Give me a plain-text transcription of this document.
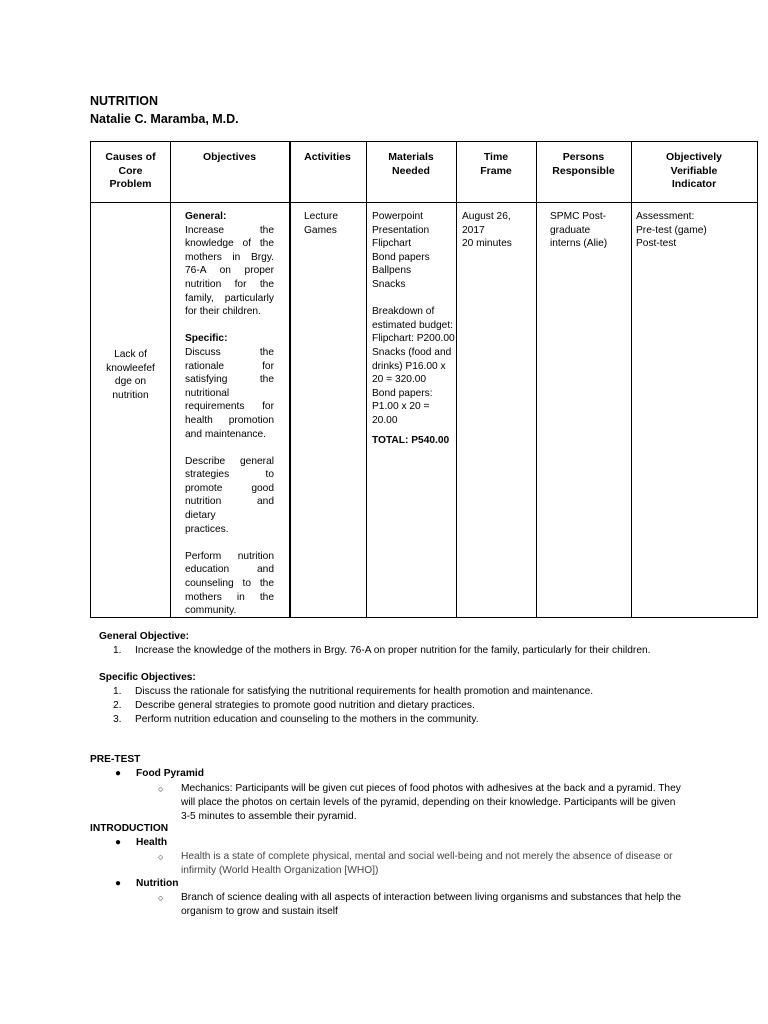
NUTRITION
Natalie C. Maramba, M.D.
Causes of
Core
Problem
Objectives	Activities	Materials
Needed
Time
Frame
Persons
Responsible
Objectively
Verifiable
Indicator
Lack of
knowleefef
dge on
nutrition
General:
Increase the
knowledge of the
mothers in Brgy.
76-A on proper
nutrition for the
family, particularly
for their children.
Specific:
Discuss the
rationale for
satisfying the
nutritional
requirements for
health promotion
and maintenance.
Describe general
strategies to
promote good
nutrition and dietary
practices.
Perform nutrition
education and
counseling to the
mothers in the
community.
Lecture
Games
Powerpoint
Presentation
Flipchart
Bond papers
Ballpens
Snacks
Breakdown of
estimated budget:
Flipchart: P200.00
Snacks (food and
drinks) P16.00 x
20 = 320.00
Bond papers:
P1.00 x 20 =
20.00
TOTAL: P540.00
August 26,
2017
20 minutes
SPMC Post-
graduate
interns (Alie)
Assessment:
Pre-test (game)
Post-test
General Objective:
1. Increase the knowledge of the mothers in Brgy. 76-A on proper nutrition for the family, particularly for their children.
Specific Objectives:
1. Discuss the rationale for satisfying the nutritional requirements for health promotion and maintenance.
2. Describe general strategies to promote good nutrition and dietary practices.
3. Perform nutrition education and counseling to the mothers in the community.
PRE-TEST
● Food Pyramid
○ Mechanics: Participants will be given cut pieces of food photos with adhesives at the back and a pyramid. They
will place the photos on certain levels of the pyramid, depending on their knowledge. Participants will be given
3-5 minutes to assemble their pyramid.
INTRODUCTION
● Health
○ Health is a state of complete physical, mental and social well-being and not merely the absence of disease or
infirmity (World Health Organization [WHO])
● Nutrition
○ Branch of science dealing with all aspects of interaction between living organisms and substances that help the
organism to grow and sustain itself
